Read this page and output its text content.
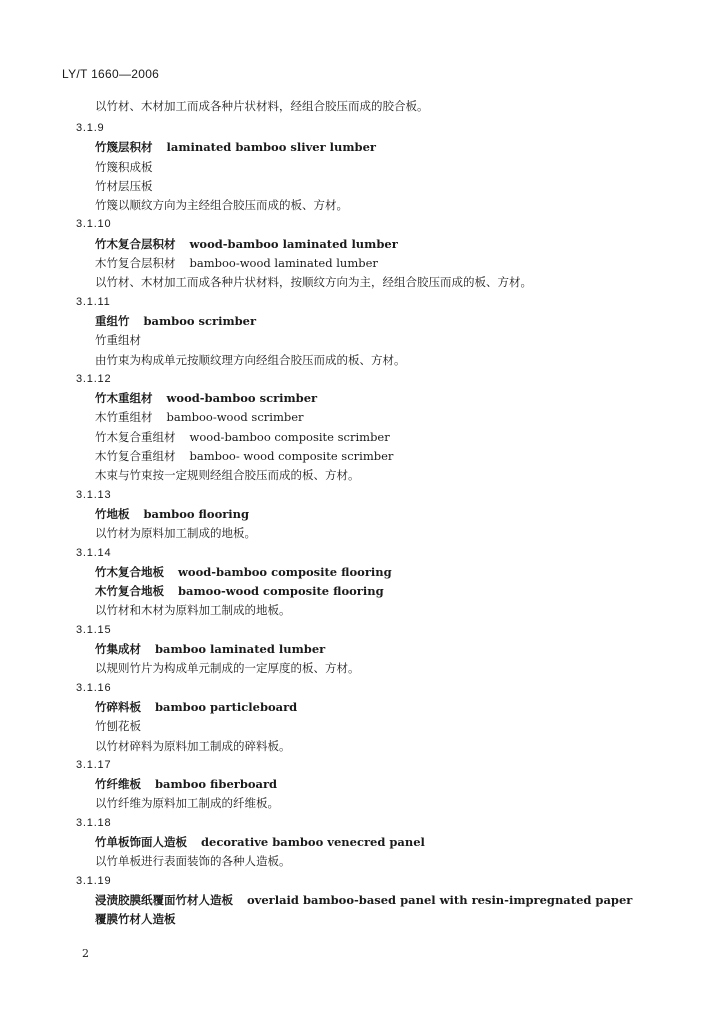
LY/T 1660—2006
以竹材、木材加工而成各种片状材料，经组合胶压而成的胶合板。
3.1.9
竹篾层积材 laminated bamboo sliver lumber
竹篾积成板
竹材层压板
竹篾以顺纹方向为主经组合胶压而成的板、方材。
3.1.10
竹木复合层积材 wood-bamboo laminated lumber
木竹复合层积材 bamboo-wood laminated lumber
以竹材、木材加工而成各种片状材料，按顺纹方向为主，经组合胶压而成的板、方材。
3.1.11
重组竹 bamboo scrimber
竹重组材
由竹束为构成单元按顺纹理方向经组合胶压而成的板、方材。
3.1.12
竹木重组材 wood-bamboo scrimber
木竹重组材 bamboo-wood scrimber
竹木复合重组材 wood-bamboo composite scrimber
木竹复合重组材 bamboo- wood composite scrimber
木束与竹束按一定规则经组合胶压而成的板、方材。
3.1.13
竹地板 bamboo flooring
以竹材为原料加工制成的地板。
3.1.14
竹木复合地板 wood-bamboo composite flooring
木竹复合地板 bamoo-wood composite flooring
以竹材和木材为原料加工制成的地板。
3.1.15
竹集成材 bamboo laminated lumber
以规则竹片为构成单元制成的一定厚度的板、方材。
3.1.16
竹碎料板 bamboo particleboard
竹刨花板
以竹材碎料为原料加工制成的碎料板。
3.1.17
竹纤维板 bamboo fiberboard
以竹纤维为原料加工制成的纤维板。
3.1.18
竹单板饰面人造板 decorative bamboo venecred panel
以竹单板进行表面装饰的各种人造板。
3.1.19
浸渍胶膜纸覆面竹材人造板 overlaid bamboo-based panel with resin-impregnated paper
覆膜竹材人造板
2
